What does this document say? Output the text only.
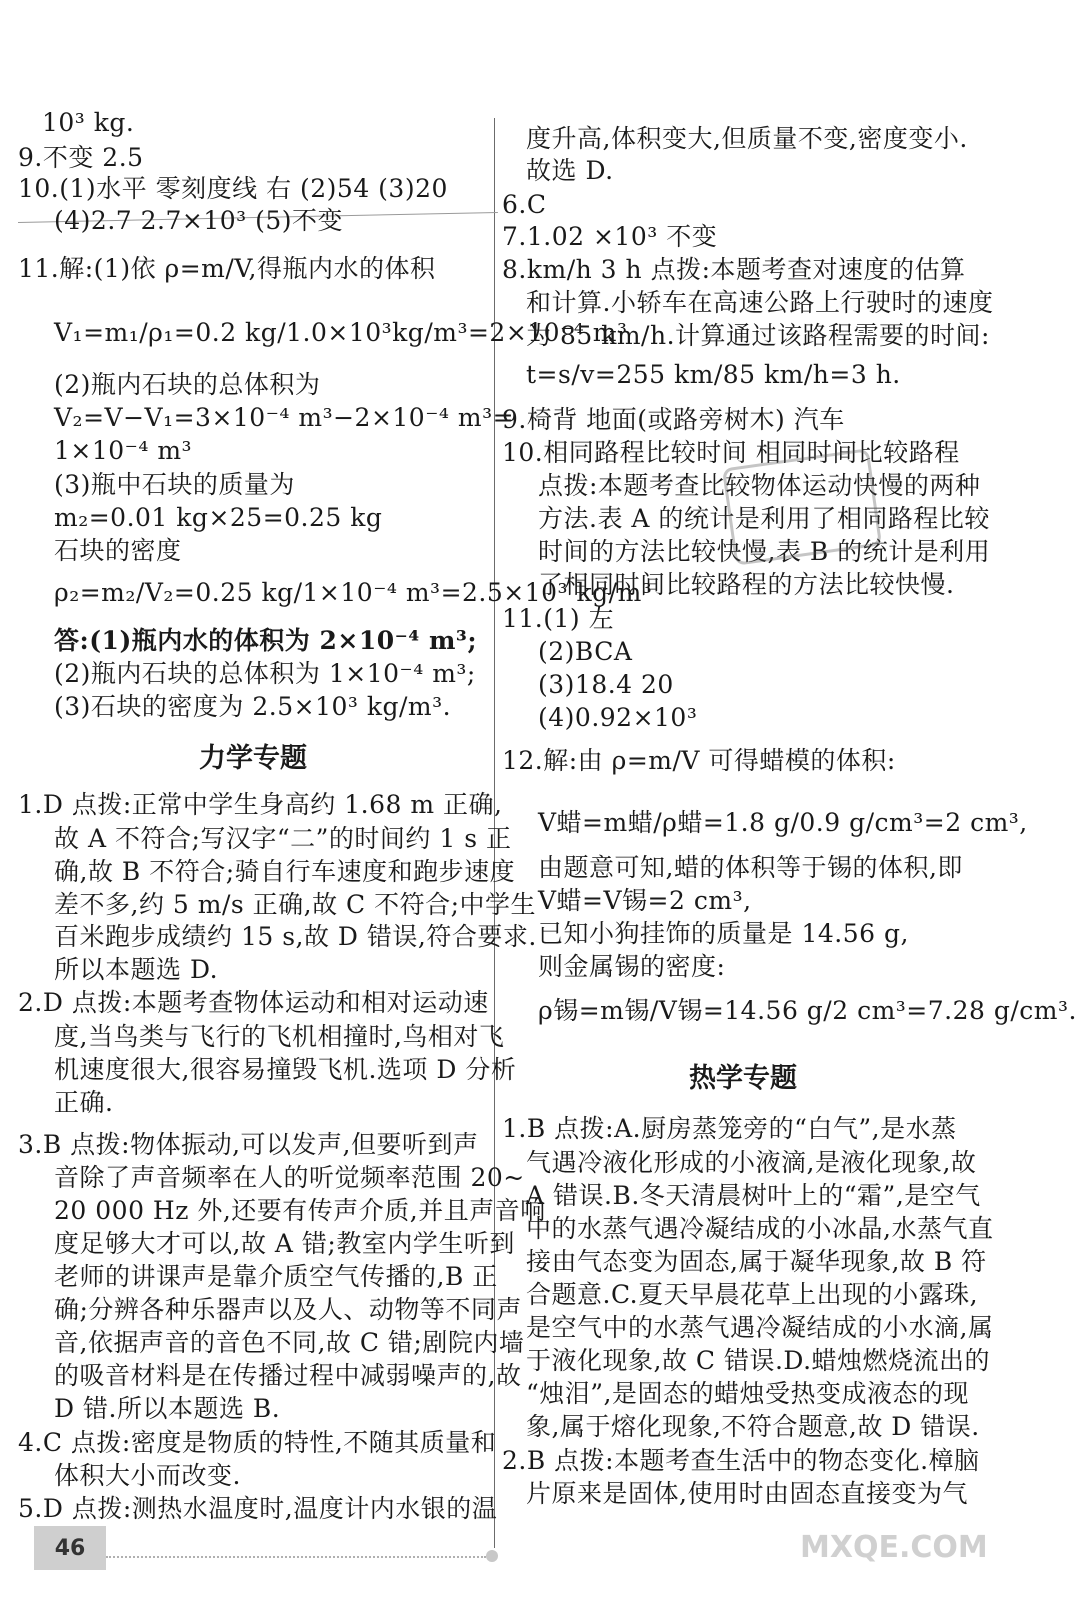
10³ kg.
9.不变 2.5
10.(1)水平 零刻度线 右 (2)54 (3)20
(4)2.7 2.7×10³ (5)不变
11.解:(1)依 ρ=m/V,得瓶内水的体积
V₁=m₁/ρ₁=0.2 kg/1.0×10³kg/m³=2×10⁻⁴ m³
(2)瓶内石块的总体积为
V₂=V−V₁=3×10⁻⁴ m³−2×10⁻⁴ m³=
1×10⁻⁴ m³
(3)瓶中石块的质量为
m₂=0.01 kg×25=0.25 kg
石块的密度
ρ₂=m₂/V₂=0.25 kg/1×10⁻⁴ m³=2.5×10³ kg/m³
答:(1)瓶内水的体积为 2×10⁻⁴ m³;
(2)瓶内石块的总体积为 1×10⁻⁴ m³;
(3)石块的密度为 2.5×10³ kg/m³.
力学专题
1.D 点拨:正常中学生身高约 1.68 m 正确,
故 A 不符合;写汉字“二”的时间约 1 s 正
确,故 B 不符合;骑自行车速度和跑步速度
差不多,约 5 m/s 正确,故 C 不符合;中学生
百米跑步成绩约 15 s,故 D 错误,符合要求.
所以本题选 D.
2.D 点拨:本题考查物体运动和相对运动速
度,当鸟类与飞行的飞机相撞时,鸟相对飞
机速度很大,很容易撞毁飞机.选项 D 分析
正确.
3.B 点拨:物体振动,可以发声,但要听到声
音除了声音频率在人的听觉频率范围 20~
20 000 Hz 外,还要有传声介质,并且声音响
度足够大才可以,故 A 错;教室内学生听到
老师的讲课声是靠介质空气传播的,B 正
确;分辨各种乐器声以及人、动物等不同声
音,依据声音的音色不同,故 C 错;剧院内墙
的吸音材料是在传播过程中减弱噪声的,故
D 错.所以本题选 B.
4.C 点拨:密度是物质的特性,不随其质量和
体积大小而改变.
5.D 点拨:测热水温度时,温度计内水银的温
度升高,体积变大,但质量不变,密度变小.
故选 D.
6.C
7.1.02 ×10³ 不变
8.km/h 3 h 点拨:本题考查对速度的估算
和计算.小轿车在高速公路上行驶时的速度
为 85 km/h.计算通过该路程需要的时间:
t=s/v=255 km/85 km/h=3 h.
9.椅背 地面(或路旁树木) 汽车
10.相同路程比较时间 相同时间比较路程
点拨:本题考查比较物体运动快慢的两种
方法.表 A 的统计是利用了相同路程比较
时间的方法比较快慢,表 B 的统计是利用
了相同时间比较路程的方法比较快慢.
11.(1) 左
(2)BCA
(3)18.4 20
(4)0.92×10³
12.解:由 ρ=m/V 可得蜡模的体积:
V蜡=m蜡/ρ蜡=1.8 g/0.9 g/cm³=2 cm³,
由题意可知,蜡的体积等于锡的体积,即
V蜡=V锡=2 cm³,
已知小狗挂饰的质量是 14.56 g,
则金属锡的密度:
ρ锡=m锡/V锡=14.56 g/2 cm³=7.28 g/cm³.
热学专题
1.B 点拨:A.厨房蒸笼旁的“白气”,是水蒸
气遇冷液化形成的小液滴,是液化现象,故
A 错误.B.冬天清晨树叶上的“霜”,是空气
中的水蒸气遇冷凝结成的小冰晶,水蒸气直
接由气态变为固态,属于凝华现象,故 B 符
合题意.C.夏天早晨花草上出现的小露珠,
是空气中的水蒸气遇冷凝结成的小水滴,属
于液化现象,故 C 错误.D.蜡烛燃烧流出的
“烛泪”,是固态的蜡烛受热变成液态的现
象,属于熔化现象,不符合题意,故 D 错误.
2.B 点拨:本题考查生活中的物态变化.樟脑
片原来是固体,使用时由固态直接变为气
46	MXQE.COM
